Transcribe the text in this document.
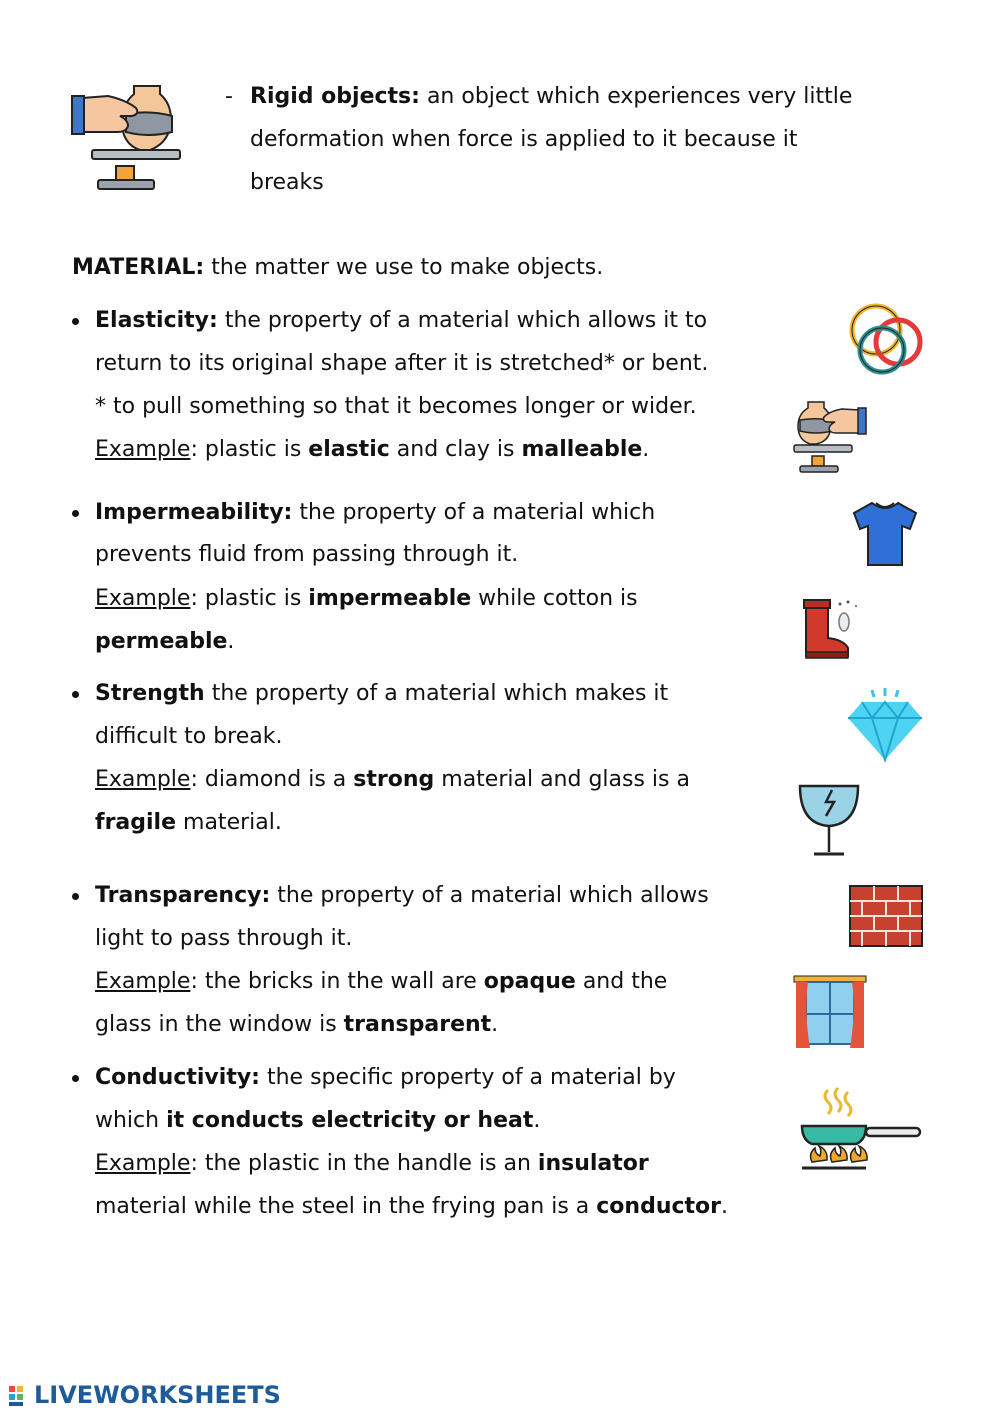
- Rigid objects: an object which experiences very little
deformation when force is applied to it because it
breaks
MATERIAL: the matter we use to make objects.
Elasticity: the property of a material which allows it to
return to its original shape after it is stretched* or bent.
* to pull something so that it becomes longer or wider.
Example: plastic is elastic and clay is malleable.
Impermeability: the property of a material which
prevents fluid from passing through it.
Example: plastic is impermeable while cotton is
permeable.
Strength the property of a material which makes it
difficult to break.
Example: diamond is a strong material and glass is a
fragile material.
Transparency: the property of a material which allows
light to pass through it.
Example: the bricks in the wall are opaque and the
glass in the window is transparent.
Conductivity: the specific property of a material by
which it conducts electricity or heat.
Example: the plastic in the handle is an insulator
material while the steel in the frying pan is a conductor.
LIVEWORKSHEETS
